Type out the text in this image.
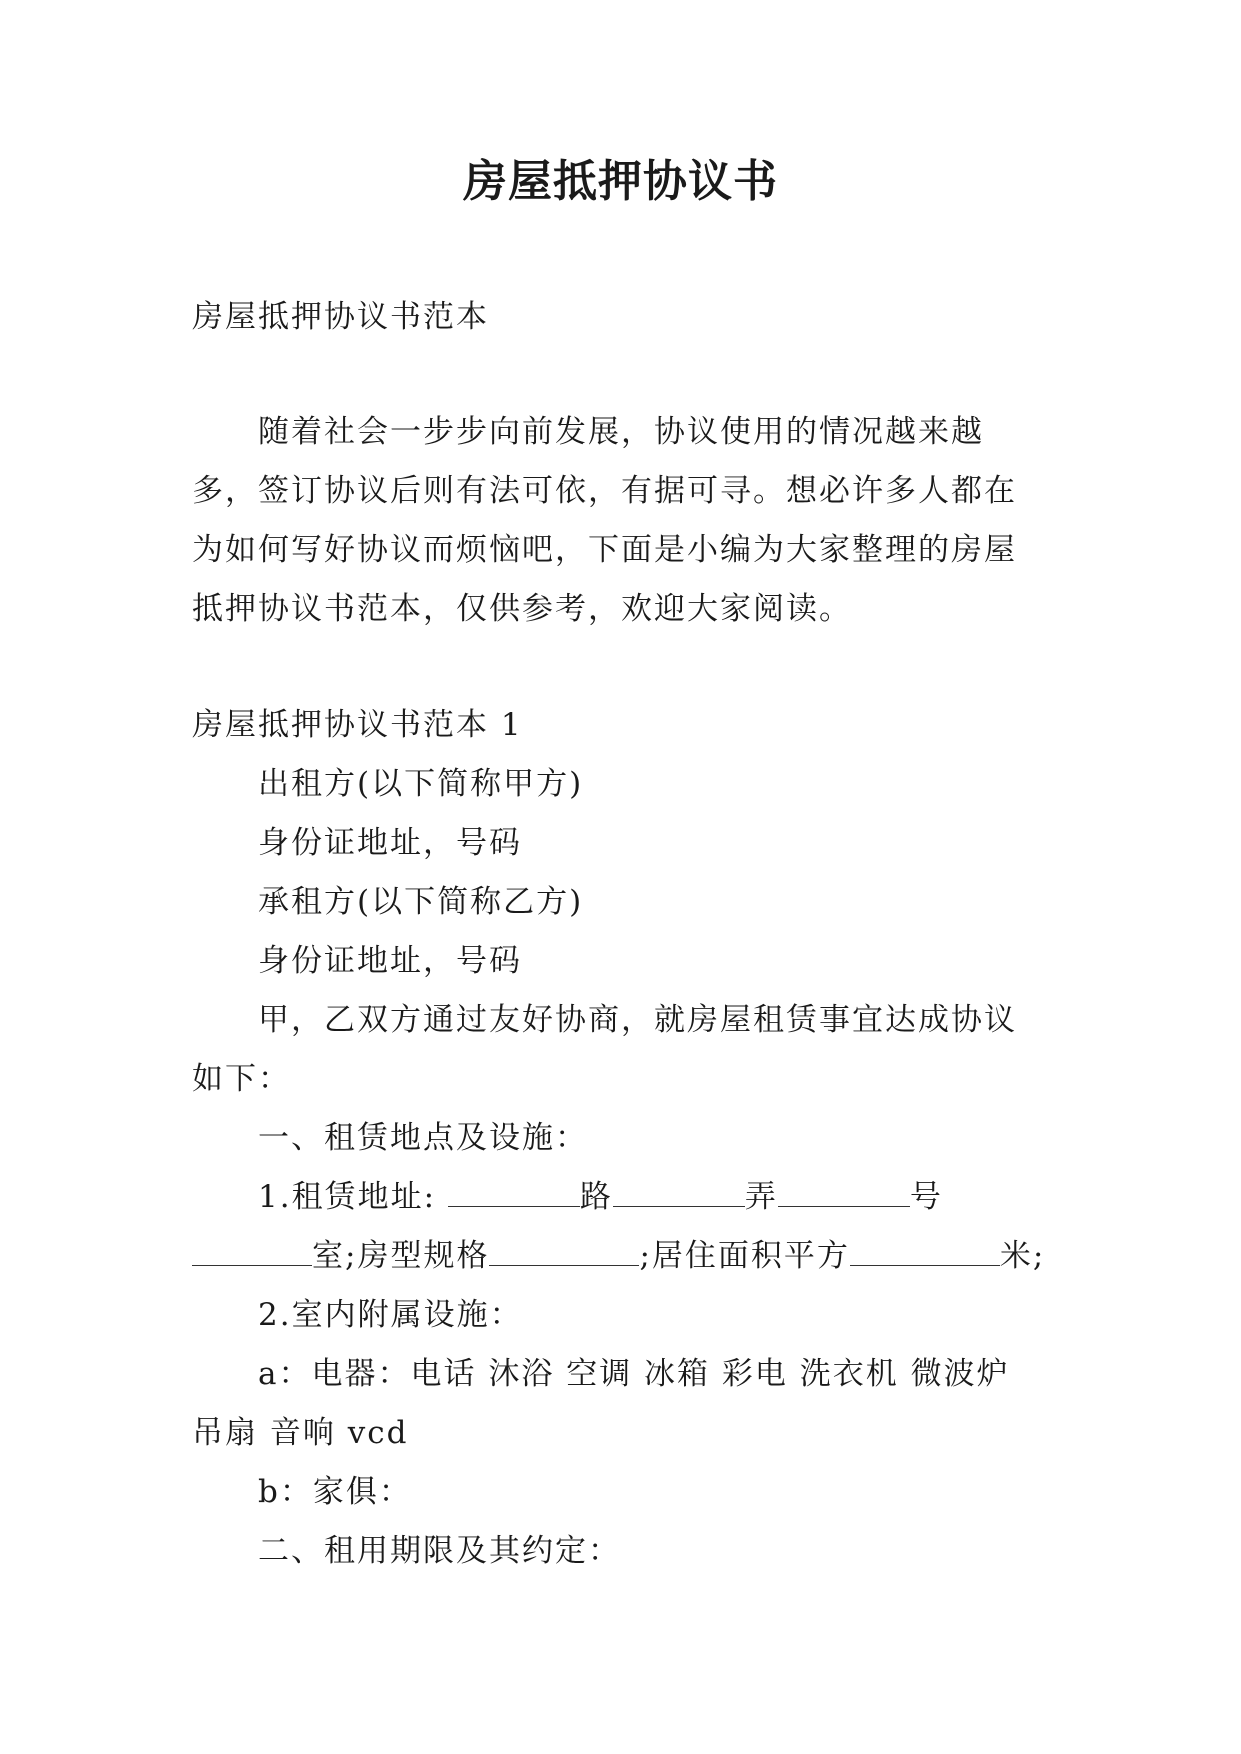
房屋抵押协议书
房屋抵押协议书范本

随着社会一步步向前发展，协议使用的情况越来越多，签订协议后则有法可依，有据可寻。想必许多人都在为如何写好协议而烦恼吧，下面是小编为大家整理的房屋抵押协议书范本，仅供参考，欢迎大家阅读。

房屋抵押协议书范本 1

出租方(以下简称甲方)

身份证地址，号码

承租方(以下简称乙方)

身份证地址，号码

甲，乙双方通过友好协商，就房屋租赁事宜达成协议如下：

一、租赁地点及设施：

1.租赁地址:	路	弄	号室;房型规格	;居住面积平方	米;

2.室内附属设施：

a：电器：电话 沐浴 空调 冰箱 彩电 洗衣机 微波炉 吊扇 音响 vcd

b：家俱：

二、租用期限及其约定：
